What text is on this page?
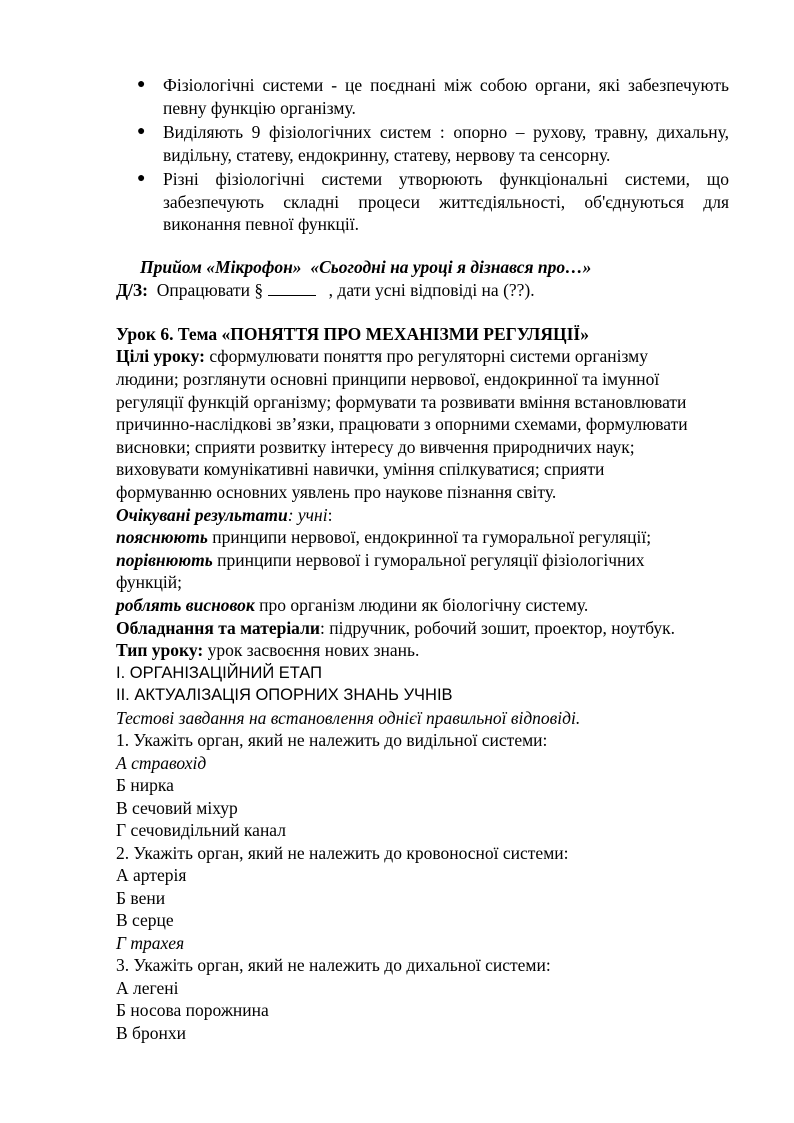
● Фізіологічні системи - це поєднані між собою органи, які забезпечують певну функцію організму.
● Виділяють 9 фізіологічних систем : опорно – рухову, травну, дихальну, видільну, статеву, ендокринну, статеву, нервову та сенсорну.
● Різні фізіологічні системи утворюють функціональні системи, що забезпечують складні процеси життєдіяльності, об'єднуються для виконання певної функції.
Прийом «Мікрофон» «Сьогодні на уроці я дізнався про…»
Д/З: Опрацювати §	, дати усні відповіді на (??).
Урок 6. Тема «ПОНЯТТЯ ПРО МЕХАНІЗМИ РЕГУЛЯЦІЇ»
Цілі уроку: сформулювати поняття про регуляторні системи організму
людини; розглянути основні принципи нервової, ендокринної та імунної
регуляції функцій організму; формувати та розвивати вміння встановлювати
причинно-наслідкові зв’язки, працювати з опорними схемами, формулювати
висновки; сприяти розвитку інтересу до вивчення природничих наук;
виховувати комунікативні навички, уміння спілкуватися; сприяти
формуванню основних уявлень про наукове пізнання світу.
Очікувані результати: учні:
пояснюють принципи нервової, ендокринної та гуморальної регуляції;
порівнюють принципи нервової і гуморальної регуляції фізіологічних
функцій;
роблять висновок про організм людини як біологічну систему.
Обладнання та матеріали: підручник, робочий зошит, проектор, ноутбук.
Тип уроку: урок засвоєння нових знань.
І. ОРГАНІЗАЦІЙНИЙ ЕТАП
ІІ. АКТУАЛІЗАЦІЯ ОПОРНИХ ЗНАНЬ УЧНІВ
Тестові завдання на встановлення однієї правильної відповіді.
1. Укажіть орган, який не належить до видільної системи:
А стравохід
Б нирка
В сечовий міхур
Г сечовидільний канал
2. Укажіть орган, який не належить до кровоносної системи:
А артерія
Б вени
В серце
Г трахея
3. Укажіть орган, який не належить до дихальної системи:
А легені
Б носова порожнина
В бронхи
